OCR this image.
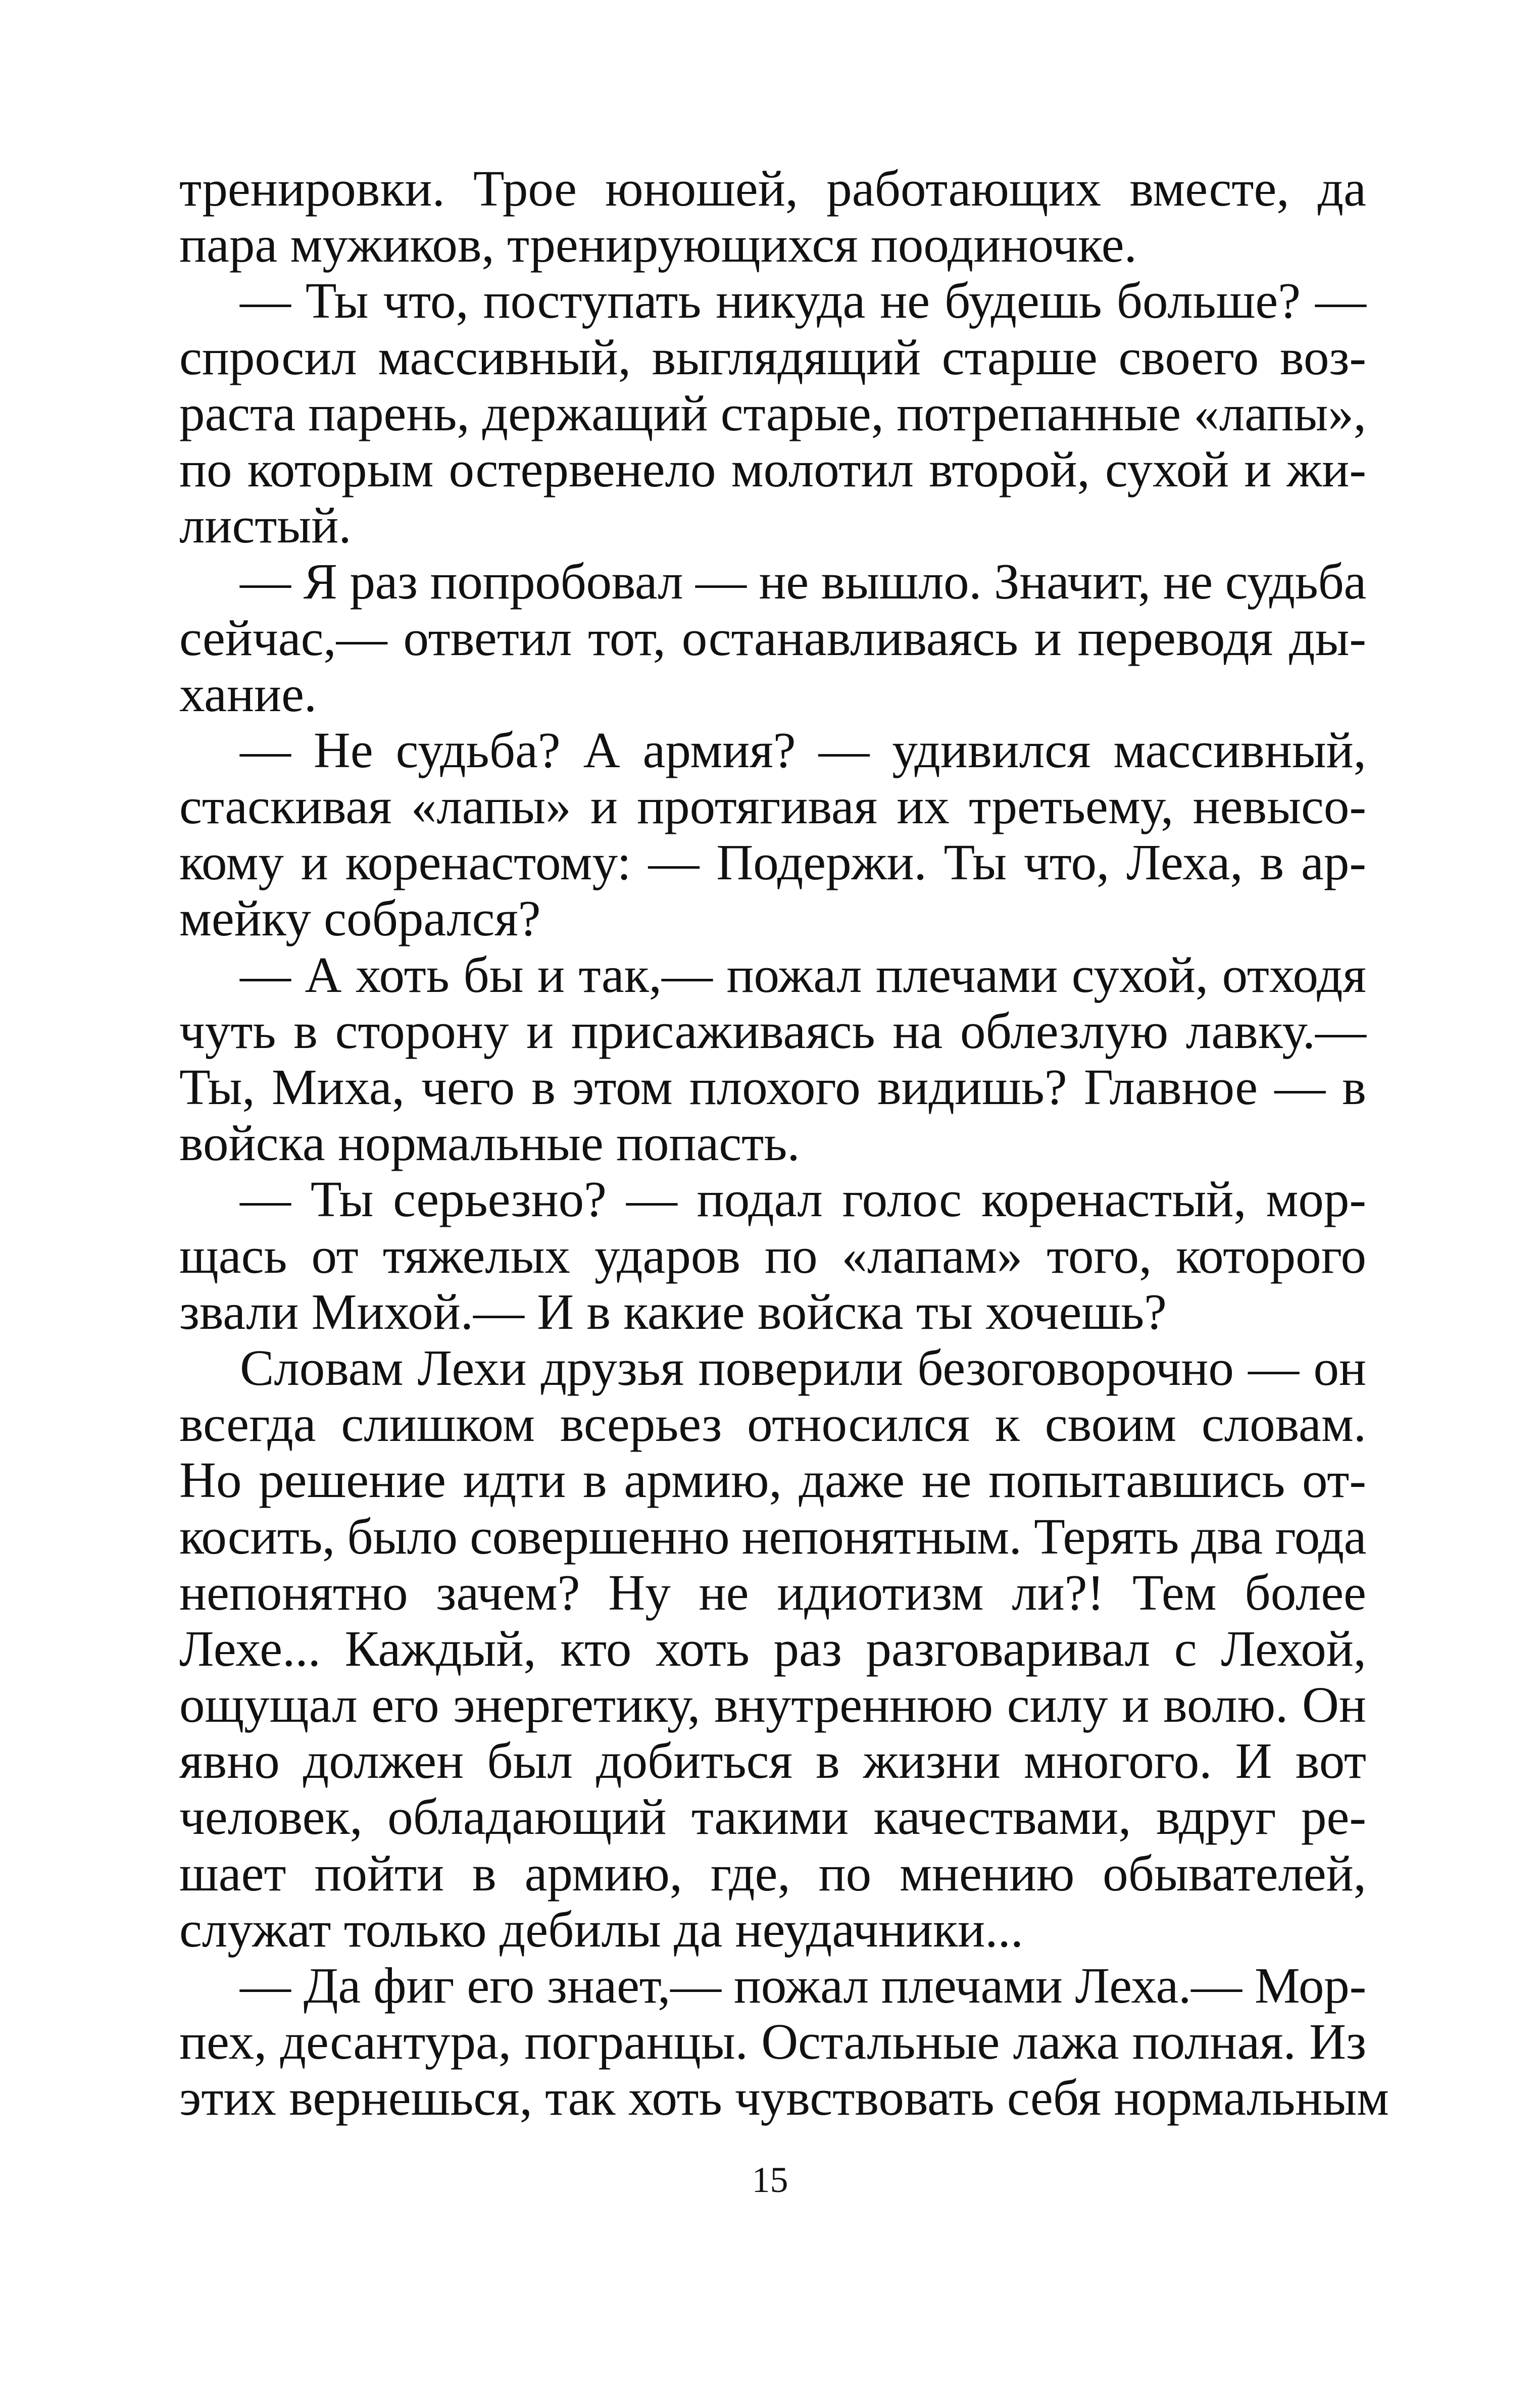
тренировки. Трое юношей, работающих вместе, да
пара мужиков, тренирующихся поодиночке.
— Ты что, поступать никуда не будешь больше? —
спросил массивный, выглядящий старше своего воз-
раста парень, держащий старые, потрепанные «лапы»,
по которым остервенело молотил второй, сухой и жи-
листый.
— Я раз попробовал — не вышло. Значит, не судьба
сейчас,— ответил тот, останавливаясь и переводя ды-
хание.
— Не судьба? А армия? — удивился массивный,
стаскивая «лапы» и протягивая их третьему, невысо-
кому и коренастому: — Подержи. Ты что, Леха, в ар-
мейку собрался?
— А хоть бы и так,— пожал плечами сухой, отходя
чуть в сторону и присаживаясь на облезлую лавку.—
Ты, Миха, чего в этом плохого видишь? Главное — в
войска нормальные попасть.
— Ты серьезно? — подал голос коренастый, мор-
щась от тяжелых ударов по «лапам» того, которого
звали Михой.— И в какие войска ты хочешь?
Словам Лехи друзья поверили безоговорочно — он
всегда слишком всерьез относился к своим словам.
Но решение идти в армию, даже не попытавшись от-
косить, было совершенно непонятным. Терять два года
непонятно зачем? Ну не идиотизм ли?! Тем более
Лехе... Каждый, кто хоть раз разговаривал с Лехой,
ощущал его энергетику, внутреннюю силу и волю. Он
явно должен был добиться в жизни многого. И вот
человек, обладающий такими качествами, вдруг ре-
шает пойти в армию, где, по мнению обывателей,
служат только дебилы да неудачники...
— Да фиг его знает,— пожал плечами Леха.— Мор-
пех, десантура, погранцы. Остальные лажа полная. Из
этих вернешься, так хоть чувствовать себя нормальным
15
